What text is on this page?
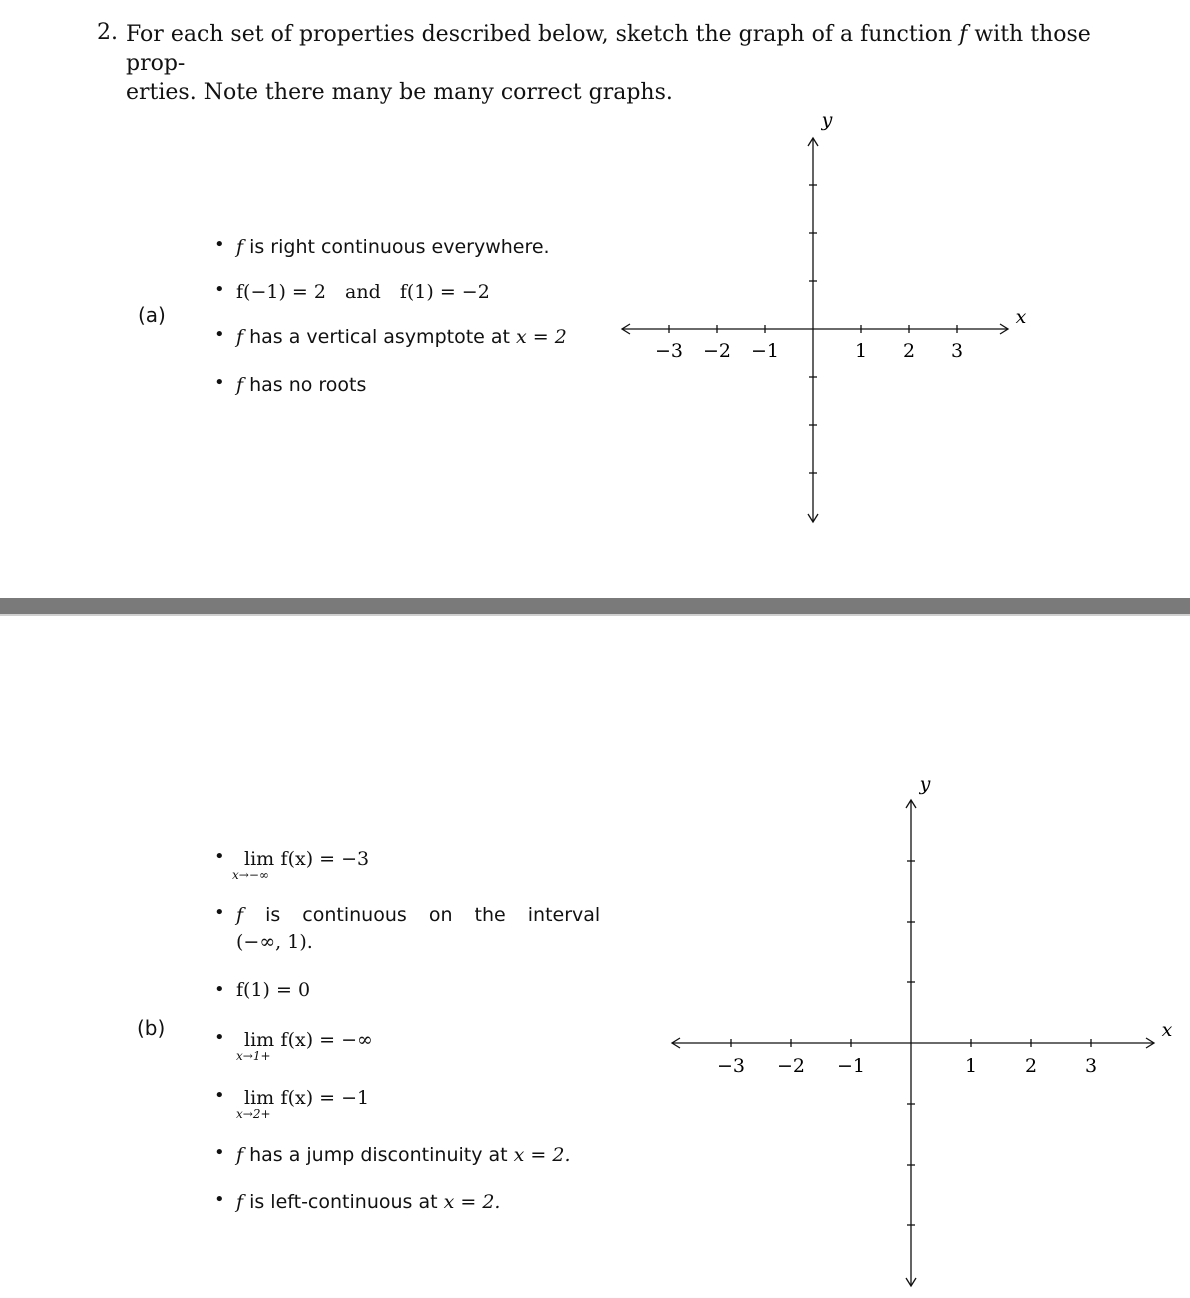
2. For each set of properties described below, sketch the graph of a function f with those prop-
erties. Note there many be many correct graphs.
(a)
• f is right continuous everywhere.
• f(−1) = 2 and f(1) = −2
• f has a vertical asymptote at x = 2
• f has no roots
y
x
−3 −2 −1	1 2 3
(b)
• lim
x→−∞
f(x) = −3
• f is continuous on the interval
(−∞, 1).
• f(1) = 0
• lim
x→1+
f(x) = −∞
• lim
x→2+
f(x) = −1
• f has a jump discontinuity at x = 2.
• f is left-continuous at x = 2.
y
x
−3 −2 −1	1	2	3
